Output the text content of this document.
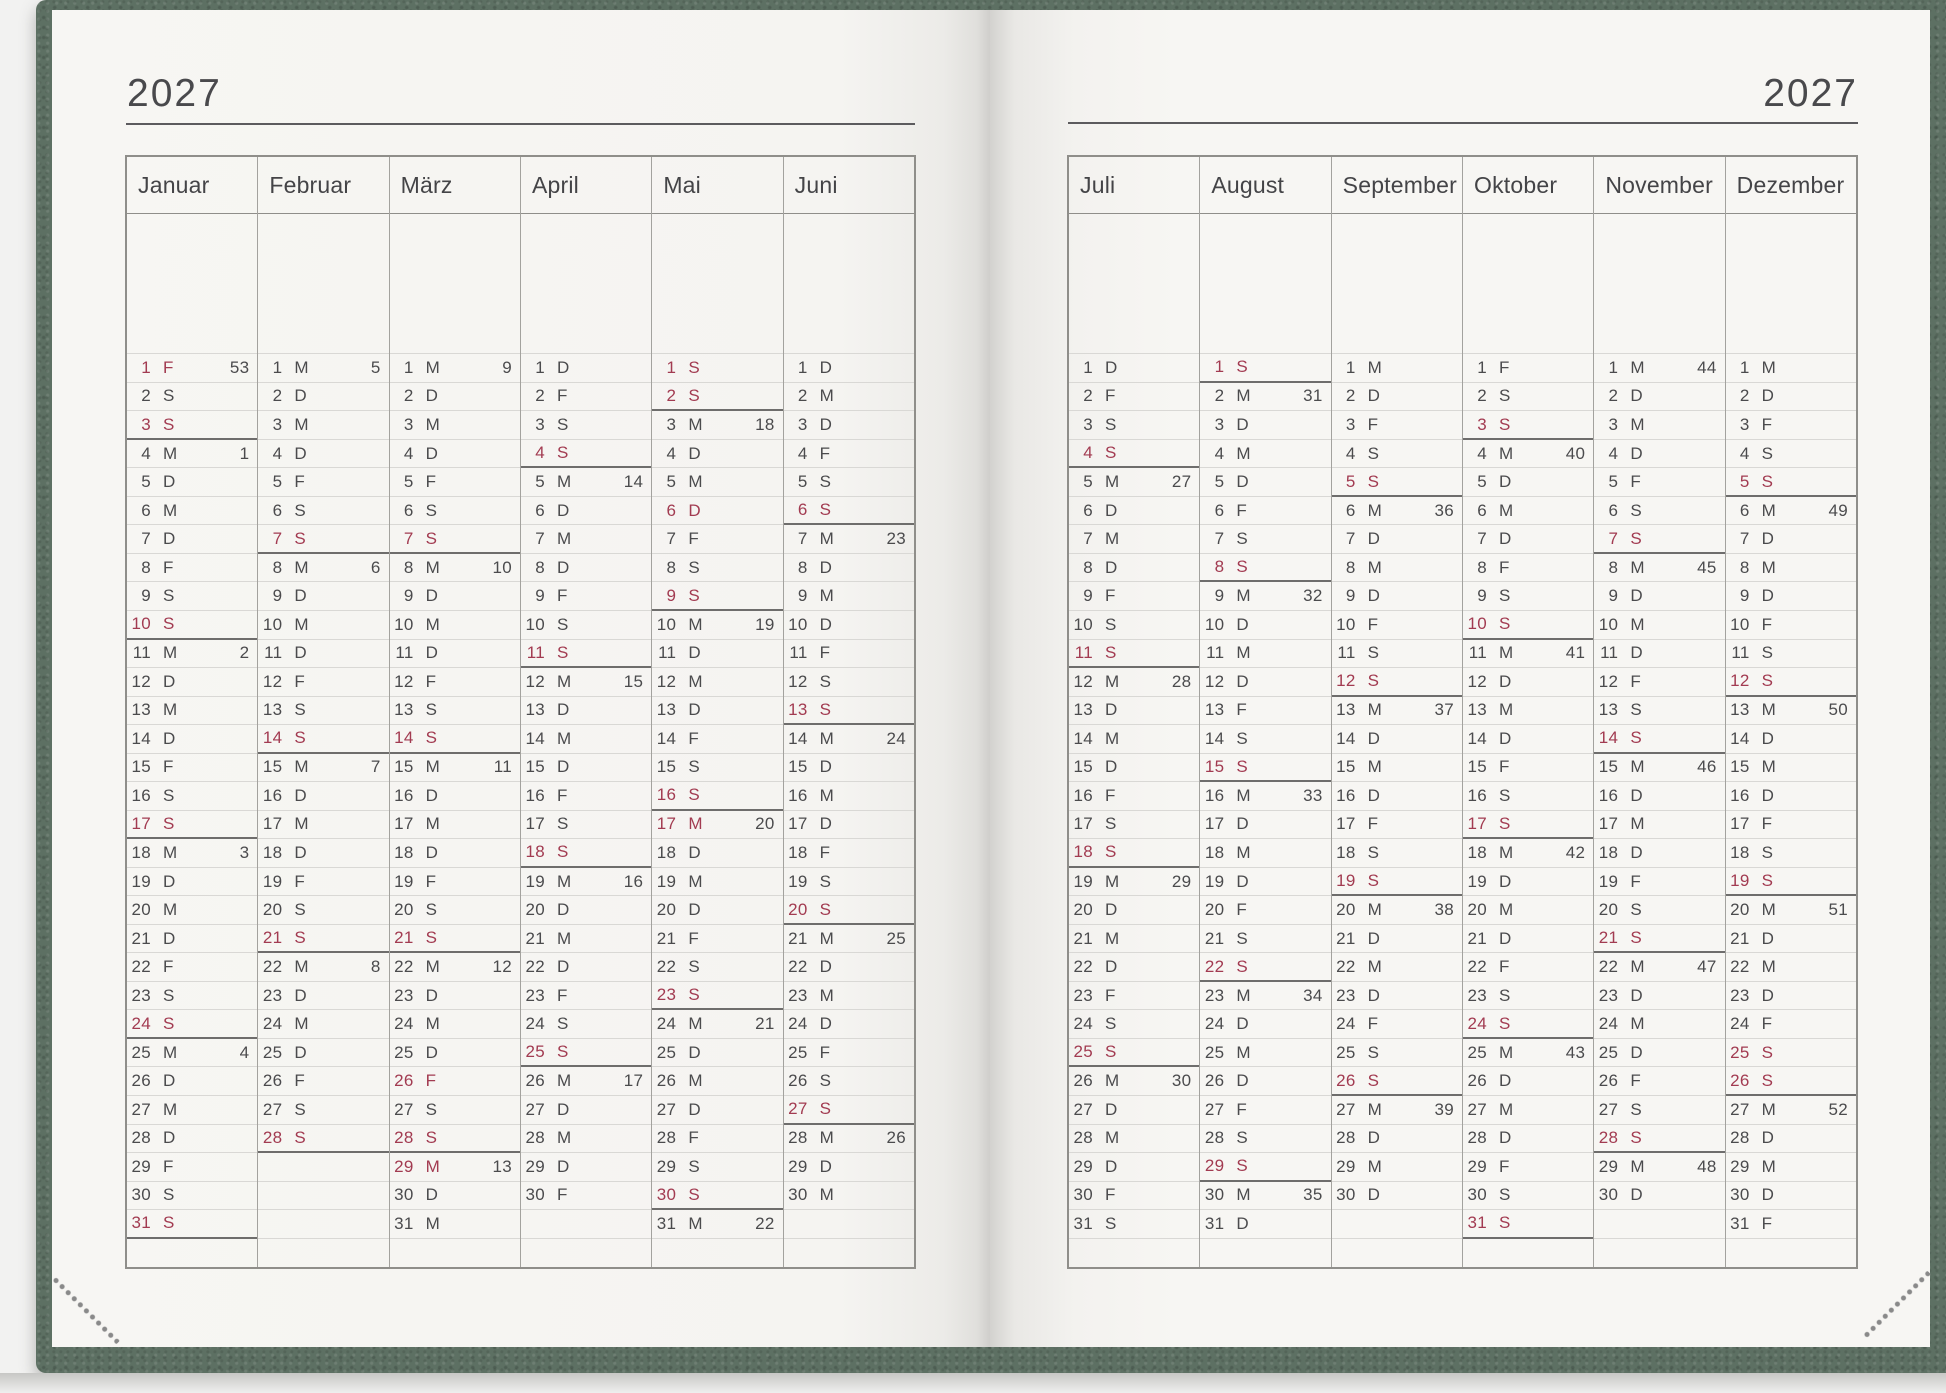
2027	2027
Januar
1 F	53
2 S
3 S
4 M	1
5 D
6 M
7 D
8 F
9 S
10 S
11 M	2
12 D
13 M
14 D
15 F
16 S
17 S
18 M	3
19 D
20 M
21 D
22 F
23 S
24 S
25 M	4
26 D
27 M
28 D
29 F
30 S
31 S
Februar
1 M	5
2 D
3 M
4 D
5 F
6 S
7 S
8 M	6
9 D
10 M
11 D
12 F
13 S
14 S
15 M	7
16 D
17 M
18 D
19 F
20 S
21 S
22 M	8
23 D
24 M
25 D
26 F
27 S
28 S
März
1 M	9
2 D
3 M
4 D
5 F
6 S
7 S
8 M	10
9 D
10 M
11 D
12 F
13 S
14 S
15 M	11
16 D
17 M
18 D
19 F
20 S
21 S
22 M	12
23 D
24 M
25 D
26 F
27 S
28 S
29 M	13
30 D
31 M
April
1 D
2 F
3 S
4 S
5 M	14
6 D
7 M
8 D
9 F
10 S
11 S
12 M	15
13 D
14 M
15 D
16 F
17 S
18 S
19 M	16
20 D
21 M
22 D
23 F
24 S
25 S
26 M	17
27 D
28 M
29 D
30 F
Mai
1 S
2 S
3 M	18
4 D
5 M
6 D
7 F
8 S
9 S
10 M	19
11 D
12 M
13 D
14 F
15 S
16 S
17 M	20
18 D
19 M
20 D
21 F
22 S
23 S
24 M	21
25 D
26 M
27 D
28 F
29 S
30 S
31 M	22
Juni
1 D
2 M
3 D
4 F
5 S
6 S
7 M	23
8 D
9 M
10 D
11 F
12 S
13 S
14 M	24
15 D
16 M
17 D
18 F
19 S
20 S
21 M	25
22 D
23 M
24 D
25 F
26 S
27 S
28 M	26
29 D
30 M
Juli
1 D
2 F
3 S
4 S
5 M	27
6 D
7 M
8 D
9 F
10 S
11 S
12 M	28
13 D
14 M
15 D
16 F
17 S
18 S
19 M	29
20 D
21 M
22 D
23 F
24 S
25 S
26 M	30
27 D
28 M
29 D
30 F
31 S
August
1 S
2 M	31
3 D
4 M
5 D
6 F
7 S
8 S
9 M	32
10 D
11 M
12 D
13 F
14 S
15 S
16 M	33
17 D
18 M
19 D
20 F
21 S
22 S
23 M	34
24 D
25 M
26 D
27 F
28 S
29 S
30 M	35
31 D
September
1 M
2 D
3 F
4 S
5 S
6 M	36
7 D
8 M
9 D
10 F
11 S
12 S
13 M	37
14 D
15 M
16 D
17 F
18 S
19 S
20 M	38
21 D
22 M
23 D
24 F
25 S
26 S
27 M	39
28 D
29 M
30 D
Oktober
1 F
2 S
3 S
4 M	40
5 D
6 M
7 D
8 F
9 S
10 S
11 M	41
12 D
13 M
14 D
15 F
16 S
17 S
18 M	42
19 D
20 M
21 D
22 F
23 S
24 S
25 M	43
26 D
27 M
28 D
29 F
30 S
31 S
November
1 M	44
2 D
3 M
4 D
5 F
6 S
7 S
8 M	45
9 D
10 M
11 D
12 F
13 S
14 S
15 M	46
16 D
17 M
18 D
19 F
20 S
21 S
22 M	47
23 D
24 M
25 D
26 F
27 S
28 S
29 M	48
30 D
Dezember
1 M
2 D
3 F
4 S
5 S
6 M	49
7 D
8 M
9 D
10 F
11 S
12 S
13 M	50
14 D
15 M
16 D
17 F
18 S
19 S
20 M	51
21 D
22 M
23 D
24 F
25 S
26 S
27 M	52
28 D
29 M
30 D
31 F
